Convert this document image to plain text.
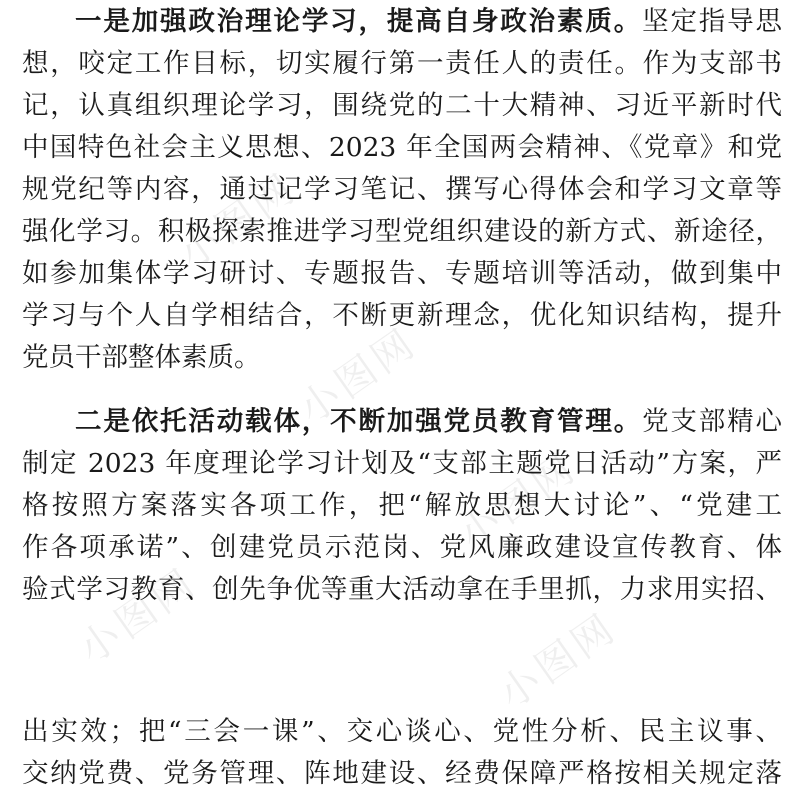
一是加强政治理论学习，提高自身政治素质。坚定指导思
想，咬定工作目标，切实履行第一责任人的责任。作为支部书
记，认真组织理论学习，围绕党的二十大精神、习近平新时代
中国特色社会主义思想、2023 年全国两会精神、《党章》和党
规党纪等内容，通过记学习笔记、撰写心得体会和学习文章等
强化学习。积极探索推进学习型党组织建设的新方式、新途径，
如参加集体学习研讨、专题报告、专题培训等活动，做到集中
学习与个人自学相结合，不断更新理念，优化知识结构，提升
党员干部整体素质。
二是依托活动载体，不断加强党员教育管理。党支部精心
制定 2023 年度理论学习计划及“支部主题党日活动”方案，严
格按照方案落实各项工作，把“解放思想大讨论”、“党建工
作各项承诺”、创建党员示范岗、党风廉政建设宣传教育、体
验式学习教育、创先争优等重大活动拿在手里抓，力求用实招、
出实效；把“三会一课”、交心谈心、党性分析、民主议事、
交纳党费、党务管理、阵地建设、经费保障严格按相关规定落
小图网
小图网
小图网
小图网	小图网
